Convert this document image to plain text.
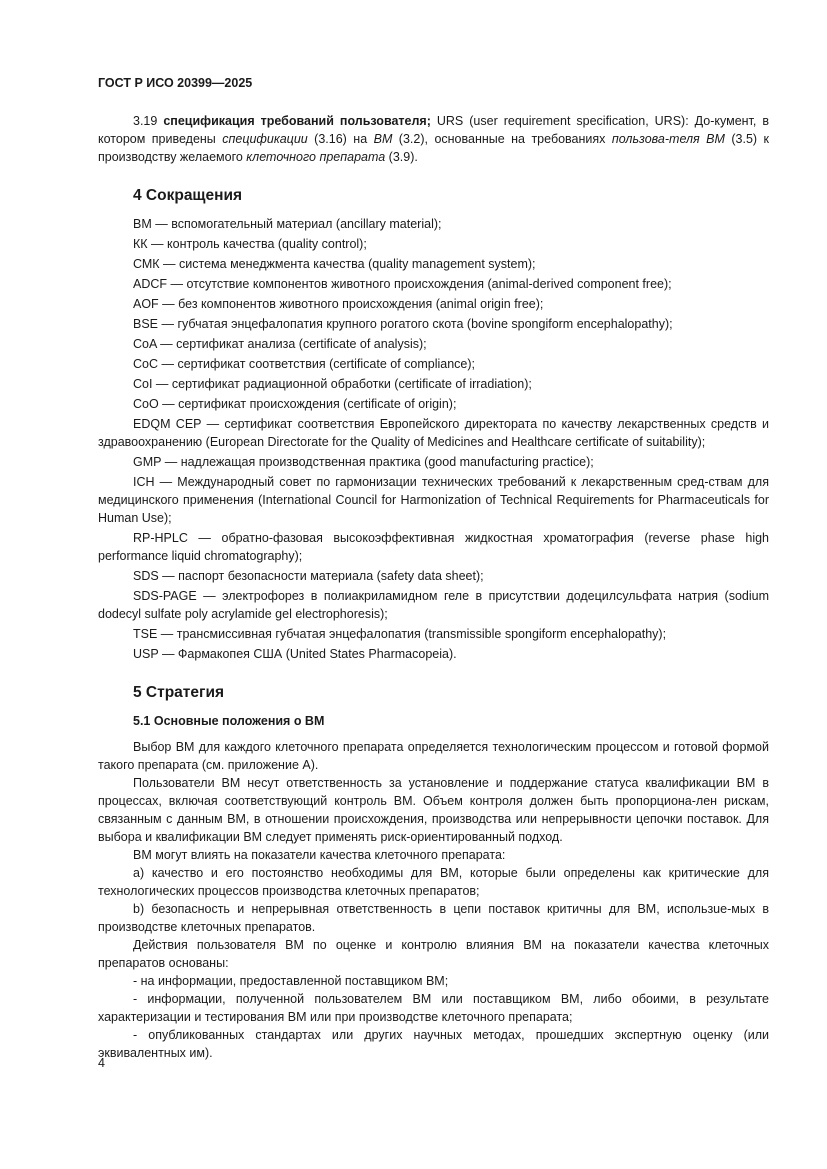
ГОСТ Р ИСО 20399—2025

3.19 спецификация требований пользователя; URS (user requirement specification, URS): До-кумент, в котором приведены спецификации (3.16) на ВМ (3.2), основанные на требованиях пользова-теля ВМ (3.5) к производству желаемого клеточного препарата (3.9).

4 Сокращения

ВМ — вспомогательный материал (ancillary material);

КК — контроль качества (quality control);

СМК — система менеджмента качества (quality management system);

ADCF — отсутствие компонентов животного происхождения (animal-derived component free);

AOF — без компонентов животного происхождения (animal origin free);

BSE — губчатая энцефалопатия крупного рогатого скота (bovine spongiform encephalopathy);

CoA — сертификат анализа (certificate of analysis);

CoC — сертификат соответствия (certificate of compliance);

CoI — сертификат радиационной обработки (certificate of irradiation);

CoO — сертификат происхождения (certificate of origin);

EDQM CEP — сертификат соответствия Европейского директората по качеству лекарственных средств и здравоохранению (European Directorate for the Quality of Medicines and Healthcare certificate of suitability);

GMP — надлежащая производственная практика (good manufacturing practice);

ICH — Международный совет по гармонизации технических требований к лекарственным сред-ствам для медицинского применения (International Council for Harmonization of Technical Requirements for Pharmaceuticals for Human Use);

RP-HPLC — обратно-фазовая высокоэффективная жидкостная хроматография (reverse phase high performance liquid chromatography);

SDS — паспорт безопасности материала (safety data sheet);

SDS-PAGE — электрофорез в полиакриламидном геле в присутствии додецилсульфата натрия (sodium dodecyl sulfate poly acrylamide gel electrophoresis);

TSE — трансмиссивная губчатая энцефалопатия (transmissible spongiform encephalopathy);

USP — Фармакопея США (United States Pharmacopeia).

5 Стратегия
5.1 Основные положения о ВМ

Выбор ВМ для каждого клеточного препарата определяется технологическим процессом и готовой формой такого препарата (см. приложение А).

Пользователи ВМ несут ответственность за установление и поддержание статуса квалификации ВМ в процессах, включая соответствующий контроль ВМ. Объем контроля должен быть пропорциона-лен рискам, связанным с данным ВМ, в отношении происхождения, производства или непрерывности цепочки поставок. Для выбора и квалификации ВМ следует применять риск-ориентированный подход.

ВМ могут влиять на показатели качества клеточного препарата:

a) качество и его постоянство необходимы для ВМ, которые были определены как критические для технологических процессов производства клеточных препаратов;

b) безопасность и непрерывная ответственность в цепи поставок критичны для ВМ, использue-мых в производстве клеточных препаратов.

Действия пользователя ВМ по оценке и контролю влияния ВМ на показатели качества клеточных препаратов основаны:

- на информации, предоставленной поставщиком ВМ;

- информации, полученной пользователем ВМ или поставщиком ВМ, либо обоими, в результате характеризации и тестирования ВМ или при производстве клеточного препарата;

- опубликованных стандартах или других научных методах, прошедших экспертную оценку (или эквивалентных им).

4
